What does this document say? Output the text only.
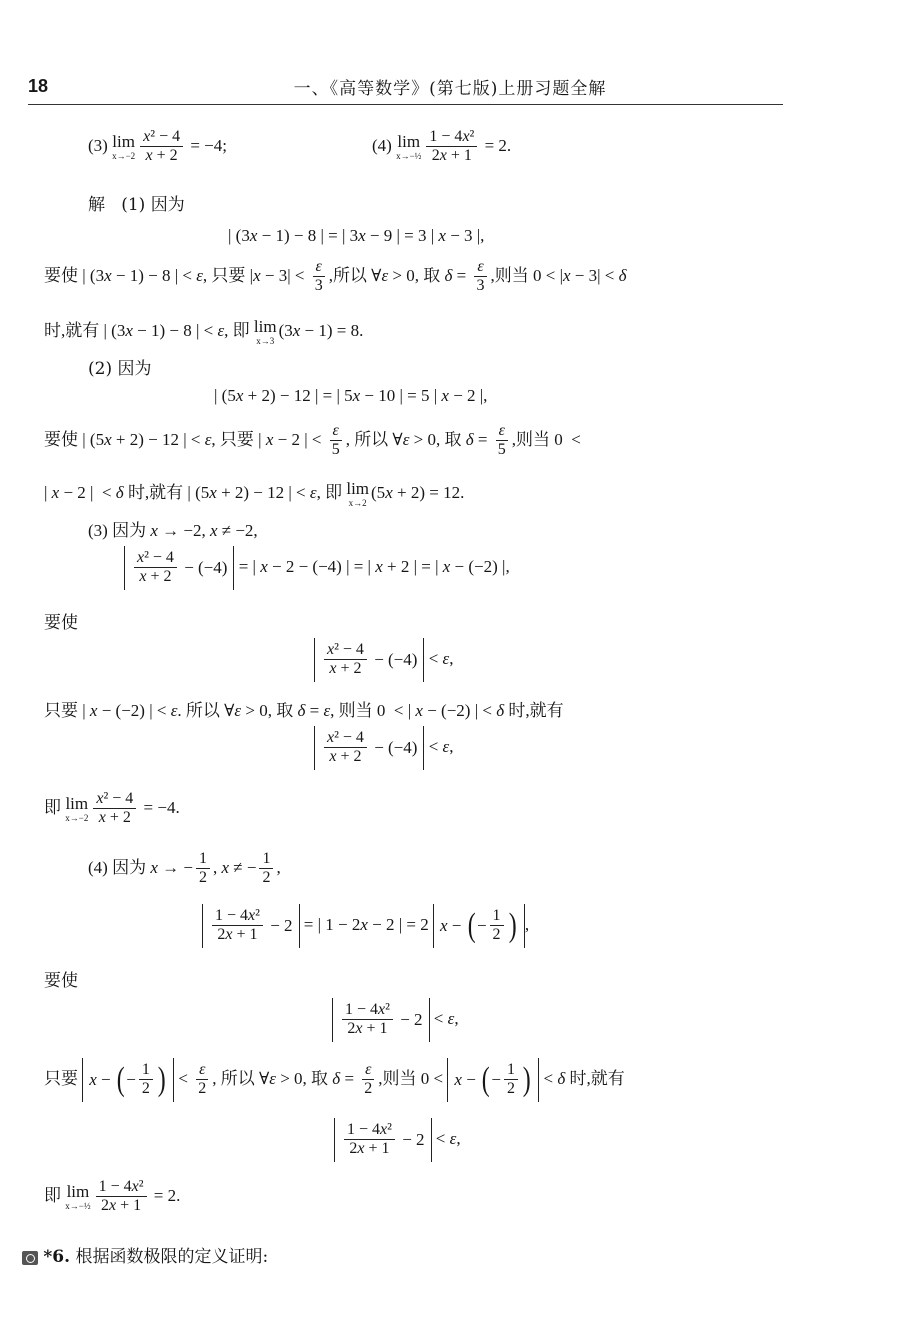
18	一、《高等数学》(第七版)上册习题全解
(3) lim
$x\to-2 \frac{\text{x² − 4}}{x + 2} = -4$;	(4) lim
x→−½ $\frac{\text{1 − 4x²}}{2x + 1} = 2$.
解   (1) 因为
| (3x − 1) − 8 | = | 3x − 9 | = 3 | x − 3 |,
要使 | (3x − 1) − 8 | < ε, 只要 $|x - 3| < \frac{\varepsilon}{3}$ ,所以 ∀ε > 0, 取 $\delta = \frac{\varepsilon}{3}$ ,则当 0 < |x − 3| < δ
时,就有 | (3x − 1) − 8 | < ε, 即 lim
x→3
(3x − 1) = 8.
(2) 因为
| (5x + 2) − 12 | = | 5x − 10 | = 5 | x − 2 |,
要使 | (5x + 2) − 12 | < ε, 只要 | x − 2 | < $\frac{\varepsilon}{5}$ , 所以 ∀ε > 0, 取 $\delta = \frac{\varepsilon}{5}$ ,则当 0  <
| x − 2 |  < δ 时,就有 | (5x + 2) − 12 | < ε, 即 lim
x→2
(5x + 2) = 12.
(3) 因为 x → −2, x ≠ −2,
$\frac{\text{x² − 4}}{x + 2} - (-4)$ = | x − 2 − (−4) | = | x + 2 | = | x − (−2) |,
要使
$\frac{\text{x² − 4}}{x + 2} - (-4) < \varepsilon$,
只要 | x − (−2) | < ε. 所以 ∀ε > 0, 取 δ = ε, 则当 0  < | x − (−2) | < δ 时,就有
$\frac{\text{x² − 4}}{x + 2} - (-4) < \varepsilon$,
即 lim
$x\to-2 \frac{\text{x² − 4}}{x + 2} = -4$.
(4) 因为 x → − $\frac{1}{2}$ , x ≠ − $\frac{1}{2}$ ,
$\frac{\text{1 − 4x²}}{2x + 1} - 2$ = | 1 − 2x − 2 | = 2 x − ( − $\frac{1}{2}$ ) ,
要使
$\frac{\text{1 − 4x²}}{2x + 1} - 2 < \varepsilon$,
只要 x − ( − $\frac{1}{2}$ ) < $\frac{\varepsilon}{2}$ , 所以 ∀ε > 0, 取 $\delta = \frac{\varepsilon}{2}$ ,则当 0 < x − ( − $\frac{1}{2}$ ) < δ 时,就有
$\frac{\text{1 − 4x²}}{2x + 1} - 2 < \varepsilon$,
即 lim
x→−½ $\frac{\text{1 − 4x²}}{2x + 1} = 2$.
*6. 根据函数极限的定义证明:
